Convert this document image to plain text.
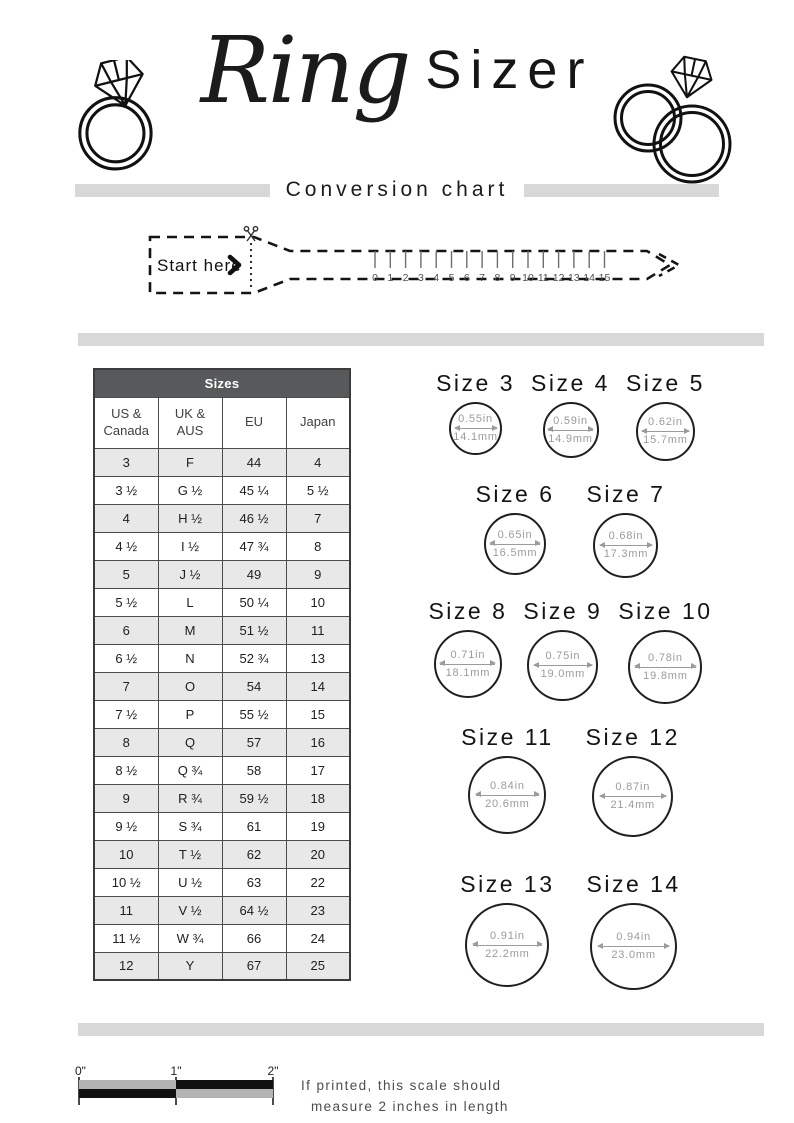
Ring Sizer
Conversion chart
Start here
0 1 2 3 4 5 6 7 8 9 10 11 12 13 14 15
Sizes			
US & Canada	UK & AUS	EU	Japan
3	F	44	4
3 ½	G ½	45 ¼	5 ½
4	H ½	46 ½	7
4 ½	I ½	47 ¾	8
5	J ½	49	9
5 ½	L	50 ¼	10
6	M	51 ½	11
6 ½	N	52 ¾	13
7	O	54	14
7 ½	P	55 ½	15
8	Q	57	16
8 ½	Q ¾	58	17
9	R ¾	59 ½	18
9 ½	S ¾	61	19
10	T ½	62	20
10 ½	U ½	63	22
11	V ½	64 ½	23
11 ½	W ¾	66	24
12	Y	67	25
Size 3
0.55in
14.1mm
Size 4
0.59in
14.9mm
Size 5
0.62in
15.7mm
Size 6
0.65in
16.5mm
Size 7
0.68in
17.3mm
Size 8
0.71in
18.1mm
Size 9
0.75in
19.0mm
Size 10
0.78in
19.8mm
Size 11
0.84in
20.6mm
Size 12
0.87in
21.4mm
Size 13
0.91in
22.2mm
Size 14
0.94in
23.0mm
0"	1"	2"
If printed, this scale should
measure 2 inches in length
